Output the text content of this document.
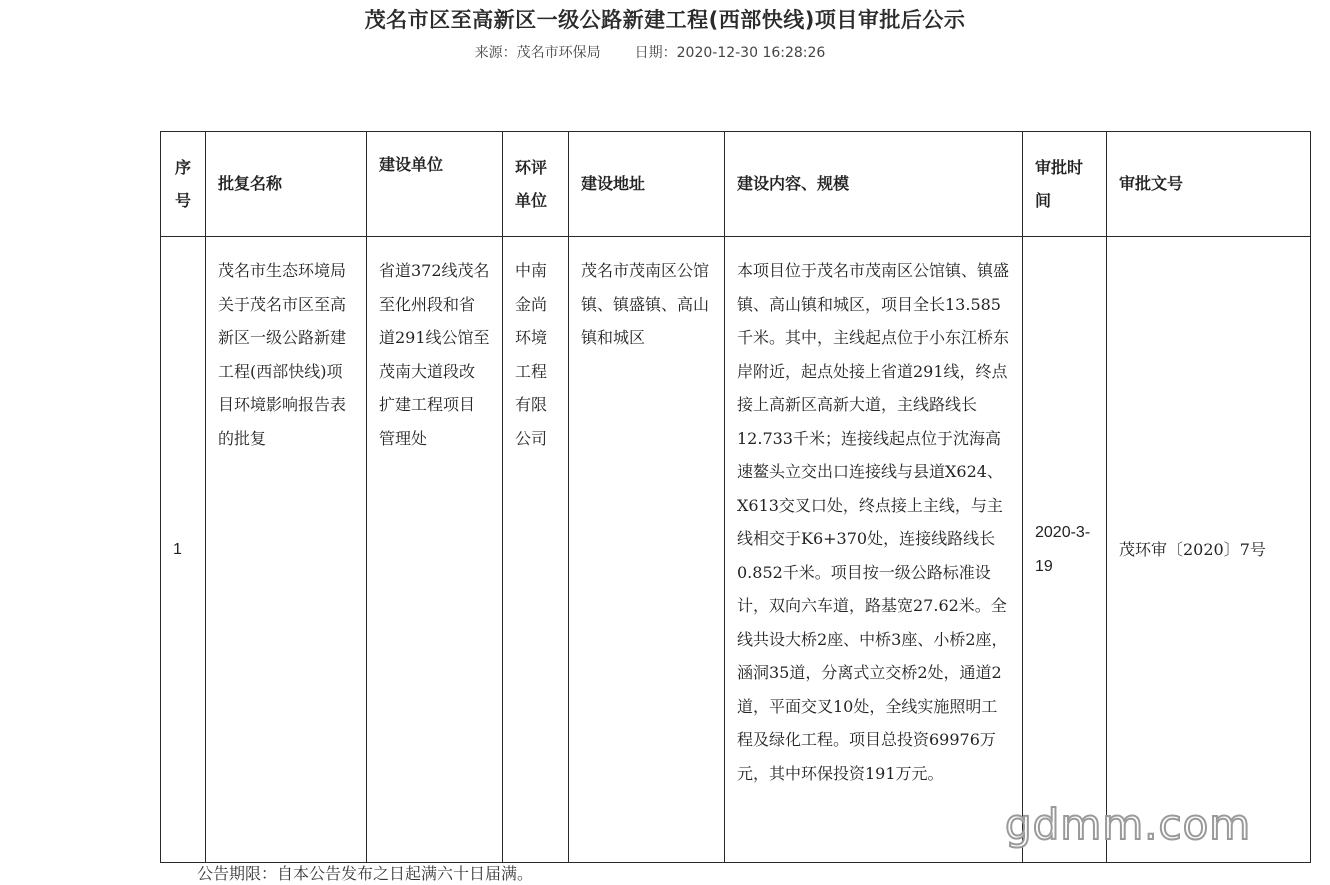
茂名市区至高新区一级公路新建工程(西部快线)项目审批后公示
来源：茂名市环保局 日期：2020-12-30 16:28:26
序号	批复名称	建设单位	环评单位	建设地址	建设内容、规模	审批时间	审批文号
1	茂名市生态环境局关于茂名市区至高新区一级公路新建工程(西部快线)项目环境影响报告表的批复	省道372线茂名至化州段和省道291线公馆至茂南大道段改扩建工程项目管理处	中南金尚环境工程有限公司	茂名市茂南区公馆镇、镇盛镇、高山镇和城区	本项目位于茂名市茂南区公馆镇、镇盛镇、高山镇和城区，项目全长13.585千米。其中，主线起点位于小东江桥东岸附近，起点处接上省道291线，终点接上高新区高新大道，主线路线长12.733千米；连接线起点位于沈海高速鳌头立交出口连接线与县道X624、X613交叉口处，终点接上主线，与主线相交于K6+370处，连接线路线长0.852千米。项目按一级公路标准设计，双向六车道，路基宽27.62米。全线共设大桥2座、中桥3座、小桥2座，涵洞35道，分离式立交桥2处，通道2道，平面交叉10处，全线实施照明工程及绿化工程。项目总投资69976万元，其中环保投资191万元。	2020-3-19	茂环审〔2020〕7号
公告期限：自本公告发布之日起满六十日届满。
gdmm.com
